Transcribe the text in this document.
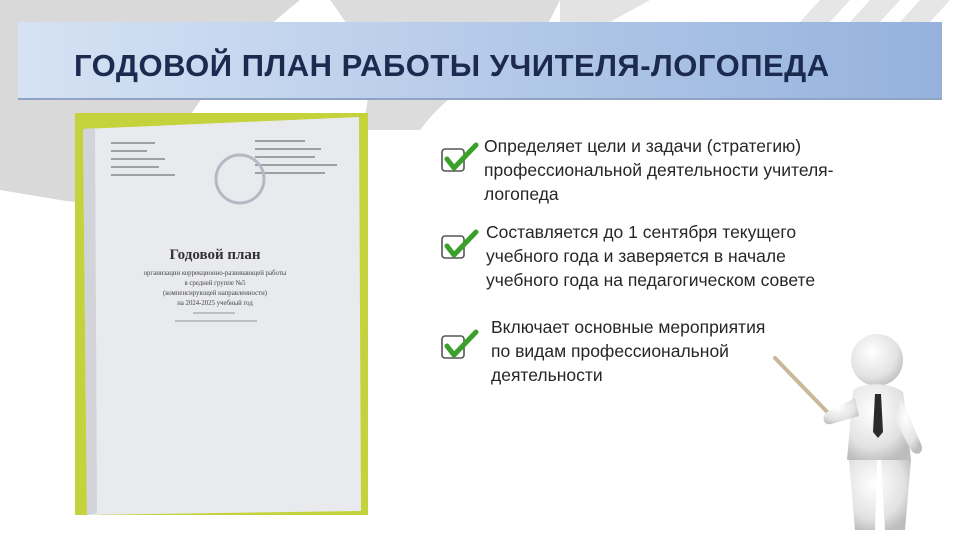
ГОДОВОЙ ПЛАН РАБОТЫ УЧИТЕЛЯ-ЛОГОПЕДА
Годовой план
организации коррекционно-развивающей работы
в средней группе №5
(компенсирующей направленности)
на 2024-2025 учебный год
Определяет цели и задачи (стратегию)
профессиональной деятельности учителя-
логопеда
Составляется до 1 сентября текущего
учебного года и заверяется в начале
учебного года на педагогическом совете
Включает основные мероприятия
по видам профессиональной
деятельности
